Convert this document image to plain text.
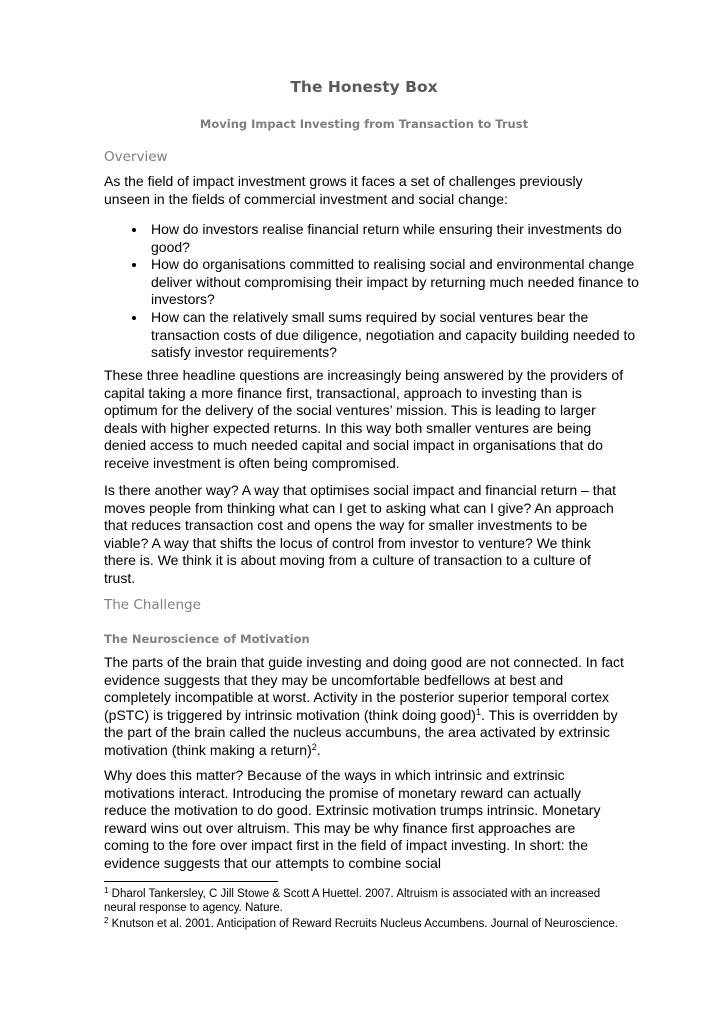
The Honesty Box
Moving Impact Investing from Transaction to Trust
Overview

As the field of impact investment grows it faces a set of challenges previously unseen in the fields of commercial investment and social change:

• How do investors realise financial return while ensuring their investments do good?
• How do organisations committed to realising social and environmental change deliver without compromising their impact by returning much needed finance to investors?
• How can the relatively small sums required by social ventures bear the transaction costs of due diligence, negotiation and capacity building needed to satisfy investor requirements?

These three headline questions are increasingly being answered by the providers of capital taking a more finance first, transactional, approach to investing than is optimum for the delivery of the social ventures’ mission. This is leading to larger deals with higher expected returns. In this way both smaller ventures are being denied access to much needed capital and social impact in organisations that do receive investment is often being compromised.

Is there another way? A way that optimises social impact and financial return – that moves people from thinking what can I get to asking what can I give? An approach that reduces transaction cost and opens the way for smaller investments to be viable? A way that shifts the locus of control from investor to venture? We think there is. We think it is about moving from a culture of transaction to a culture of trust.

The Challenge
The Neuroscience of Motivation

The parts of the brain that guide investing and doing good are not connected. In fact evidence suggests that they may be uncomfortable bedfellows at best and completely incompatible at worst. Activity in the posterior superior temporal cortex (pSTC) is triggered by intrinsic motivation (think doing good)$^1$. This is overridden by the part of the brain called the nucleus accumbuns, the area activated by extrinsic motivation (think making a return)$^2$.

Why does this matter? Because of the ways in which intrinsic and extrinsic motivations interact. Introducing the promise of monetary reward can actually reduce the motivation to do good. Extrinsic motivation trumps intrinsic. Monetary reward wins out over altruism. This may be why finance first approaches are coming to the fore over impact first in the field of impact investing. In short: the evidence suggests that our attempts to combine social

$^1$ Dharol Tankersley, C Jill Stowe & Scott A Huettel. 2007. Altruism is associated with an increased neural response to agency. Nature.

$^2$ Knutson et al. 2001. Anticipation of Reward Recruits Nucleus Accumbens. Journal of Neuroscience.
